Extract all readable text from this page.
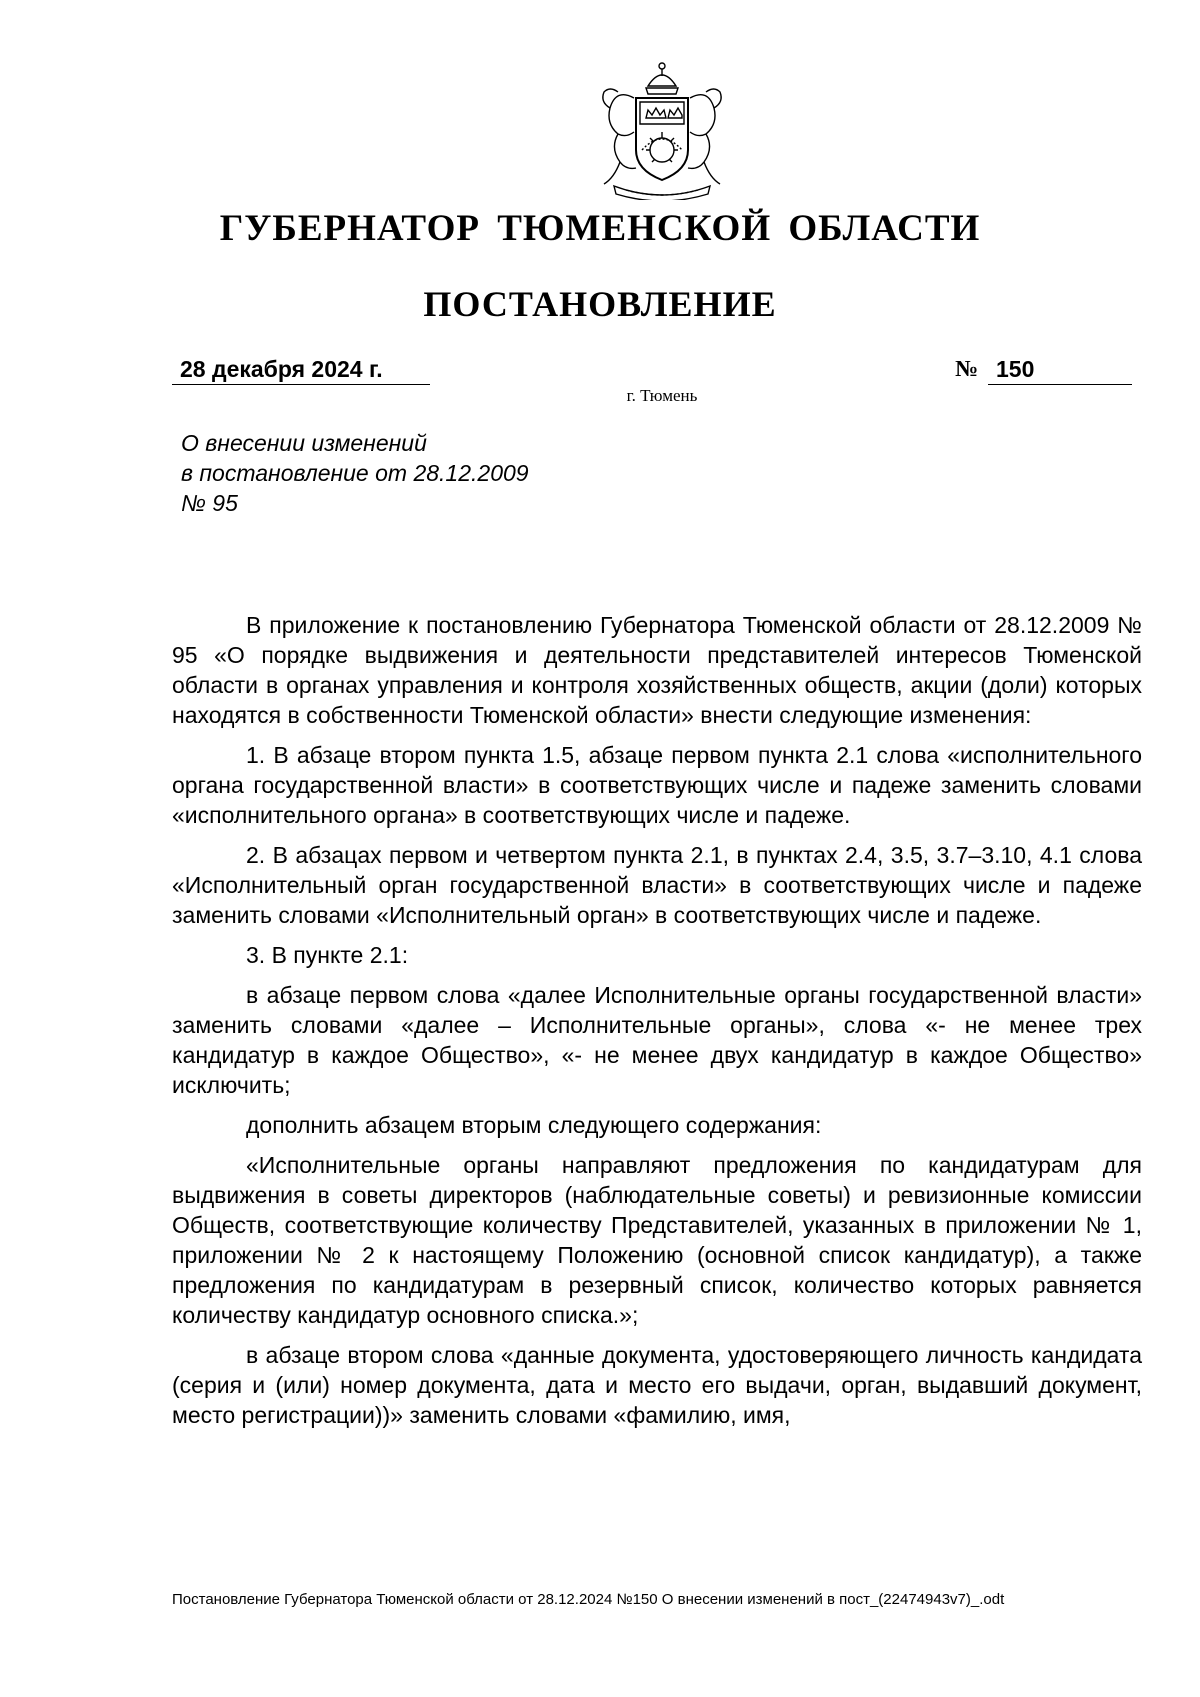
ГУБЕРНАТОР ТЮМЕНСКОЙ ОБЛАСТИ
ПОСТАНОВЛЕНИЕ
28 декабря 2024 г.	№ 150
г. Тюмень
О внесении изменений
в постановление от 28.12.2009
№ 95

В приложение к постановлению Губернатора Тюменской области от 28.12.2009 № 95 «О порядке выдвижения и деятельности представителей интересов Тюменской области в органах управления и контроля хозяйственных обществ, акции (доли) которых находятся в собственности Тюменской области» внести следующие изменения:

1. В абзаце втором пункта 1.5, абзаце первом пункта 2.1 слова «исполнительного органа государственной власти» в соответствующих числе и падеже заменить словами «исполнительного органа» в соответствующих числе и падеже.

2. В абзацах первом и четвертом пункта 2.1, в пунктах 2.4, 3.5, 3.7–3.10, 4.1 слова «Исполнительный орган государственной власти» в соответствующих числе и падеже заменить словами «Исполнительный орган» в соответствующих числе и падеже.

3. В пункте 2.1:

в абзаце первом слова «далее Исполнительные органы государственной власти» заменить словами «далее – Исполнительные органы», слова «- не менее трех кандидатур в каждое Общество», «- не менее двух кандидатур в каждое Общество» исключить;

дополнить абзацем вторым следующего содержания:

«Исполнительные органы направляют предложения по кандидатурам для выдвижения в советы директоров (наблюдательные советы) и ревизионные комиссии Обществ, соответствующие количеству Представителей, указанных в приложении № 1, приложении № 2 к настоящему Положению (основной список кандидатур), а также предложения по кандидатурам в резервный список, количество которых равняется количеству кандидатур основного списка.»;

в абзаце втором слова «данные документа, удостоверяющего личность кандидата (серия и (или) номер документа, дата и место его выдачи, орган, выдавший документ, место регистрации))» заменить словами «фамилию, имя,

Постановление Губернатора Тюменской области от 28.12.2024 №150 О внесении изменений в пост_(22474943v7)_.odt
